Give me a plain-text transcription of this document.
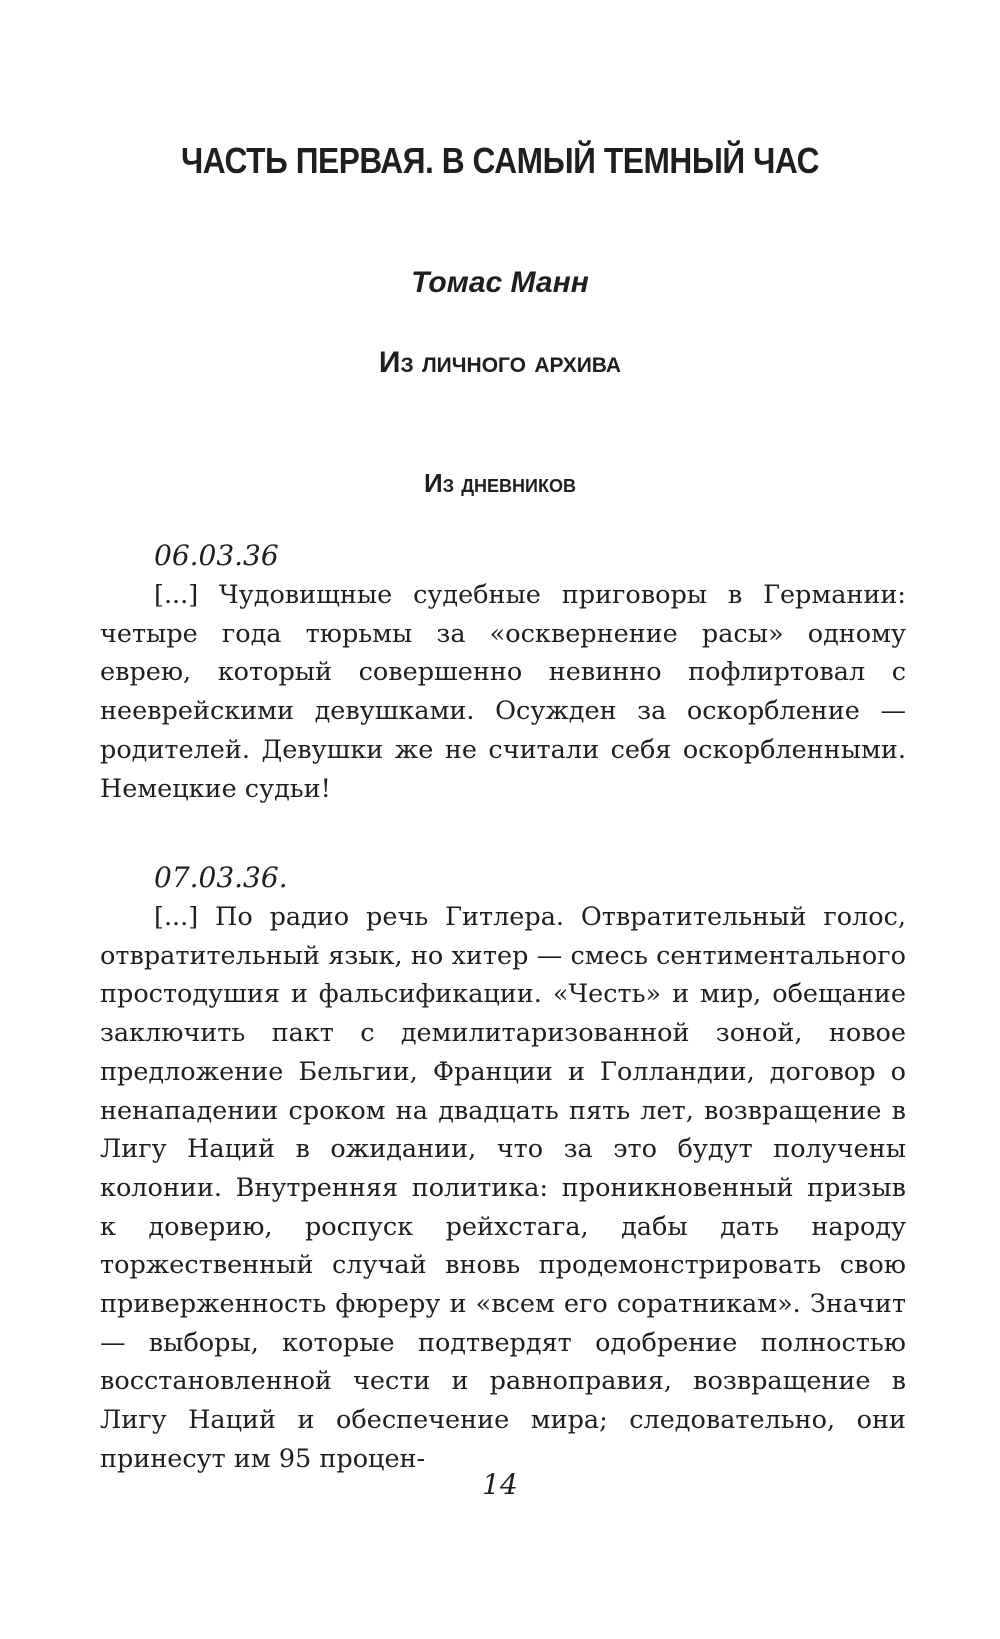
ЧАСТЬ ПЕРВАЯ. В САМЫЙ ТЕМНЫЙ ЧАС
Томас Манн
Из личного архива
Из дневников

06.03.36

[...] Чудовищные судебные приговоры в Германии: четыре года тюрьмы за «осквернение расы» одному еврею, который совершенно невинно пофлиртовал с нееврейскими девушками. Осужден за оскорбление — родителей. Девушки же не считали себя оскорбленными. Немецкие судьи!

07.03.36.

[...] По радио речь Гитлера. Отвратительный голос, отвратительный язык, но хитер — смесь сентиментального простодушия и фальсификации. «Честь» и мир, обещание заключить пакт с демилитаризованной зоной, новое предложение Бельгии, Франции и Голландии, договор о ненападении сроком на двадцать пять лет, возвращение в Лигу Наций в ожидании, что за это будут получены колонии. Внутренняя политика: проникновенный призыв к доверию, роспуск рейхстага, дабы дать народу торжественный случай вновь продемонстрировать свою приверженность фюреру и «всем его соратникам». Значит — выборы, которые подтвердят одобрение полностью восстановленной чести и равноправия, возвращение в Лигу Наций и обеспечение мира; следовательно, они принесут им 95 процен-

14
